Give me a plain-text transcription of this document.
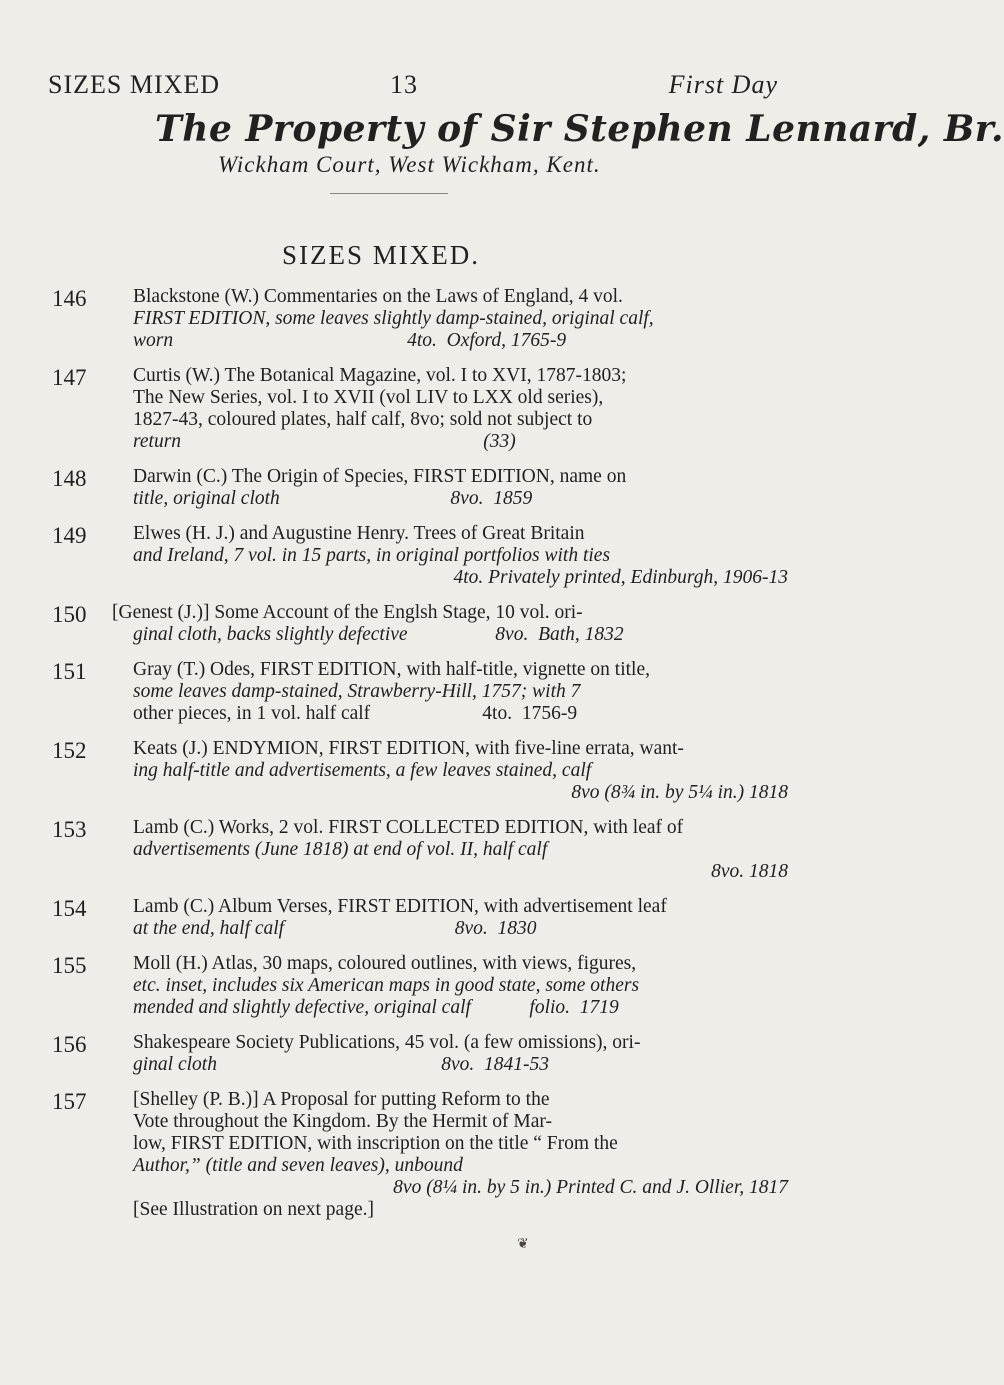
SIZES MIXED	13	First Day
The Property of Sir Stephen Lennard, Br.
Wickham Court, West Wickham, Kent.
SIZES MIXED.
146 Blackstone (W.) Commentaries on the Laws of England, 4 vol.
FIRST EDITION, some leaves slightly damp-stained, original calf,
worn                                                4to.  Oxford, 1765-9
147 Curtis (W.) The Botanical Magazine, vol. I to XVI, 1787-1803;
The New Series, vol. I to XVII (vol LIV to LXX old series),
1827-43, coloured plates, half calf, 8vo; sold not subject to
return                                                              (33)
148 Darwin (C.) The Origin of Species, FIRST EDITION, name on
title, original cloth                                   8vo.  1859
149 Elwes (H. J.) and Augustine Henry. Trees of Great Britain
and Ireland, 7 vol. in 15 parts, in original portfolios with ties
4to. Privately printed, Edinburgh, 1906-13
150 [Genest (J.)] Some Account of the Englsh Stage, 10 vol. ori-
ginal cloth, backs slightly defective                  8vo.  Bath, 1832
151 Gray (T.) Odes, FIRST EDITION, with half-title, vignette on title,
some leaves damp-stained, Strawberry-Hill, 1757; with 7
other pieces, in 1 vol. half calf                       4to.  1756-9
152 Keats (J.) ENDYMION, FIRST EDITION, with five-line errata, want-
ing half-title and advertisements, a few leaves stained, calf
8vo (8¾ in. by 5¼ in.) 1818
153 Lamb (C.) Works, 2 vol. FIRST COLLECTED EDITION, with leaf of
advertisements (June 1818) at end of vol. II, half calf
8vo. 1818
154 Lamb (C.) Album Verses, FIRST EDITION, with advertisement leaf
at the end, half calf                                   8vo.  1830
155 Moll (H.) Atlas, 30 maps, coloured outlines, with views, figures,
etc. inset, includes six American maps in good state, some others
mended and slightly defective, original calf            folio.  1719
156 Shakespeare Society Publications, 45 vol. (a few omissions), ori-
ginal cloth                                              8vo.  1841-53
157 [Shelley (P. B.)] A Proposal for putting Reform to the
Vote throughout the Kingdom. By the Hermit of Mar-
low, FIRST EDITION, with inscription on the title “ From the
Author,” (title and seven leaves), unbound
8vo (8¼ in. by 5 in.) Printed C. and J. Ollier, 1817
[See Illustration on next page.]
❦
